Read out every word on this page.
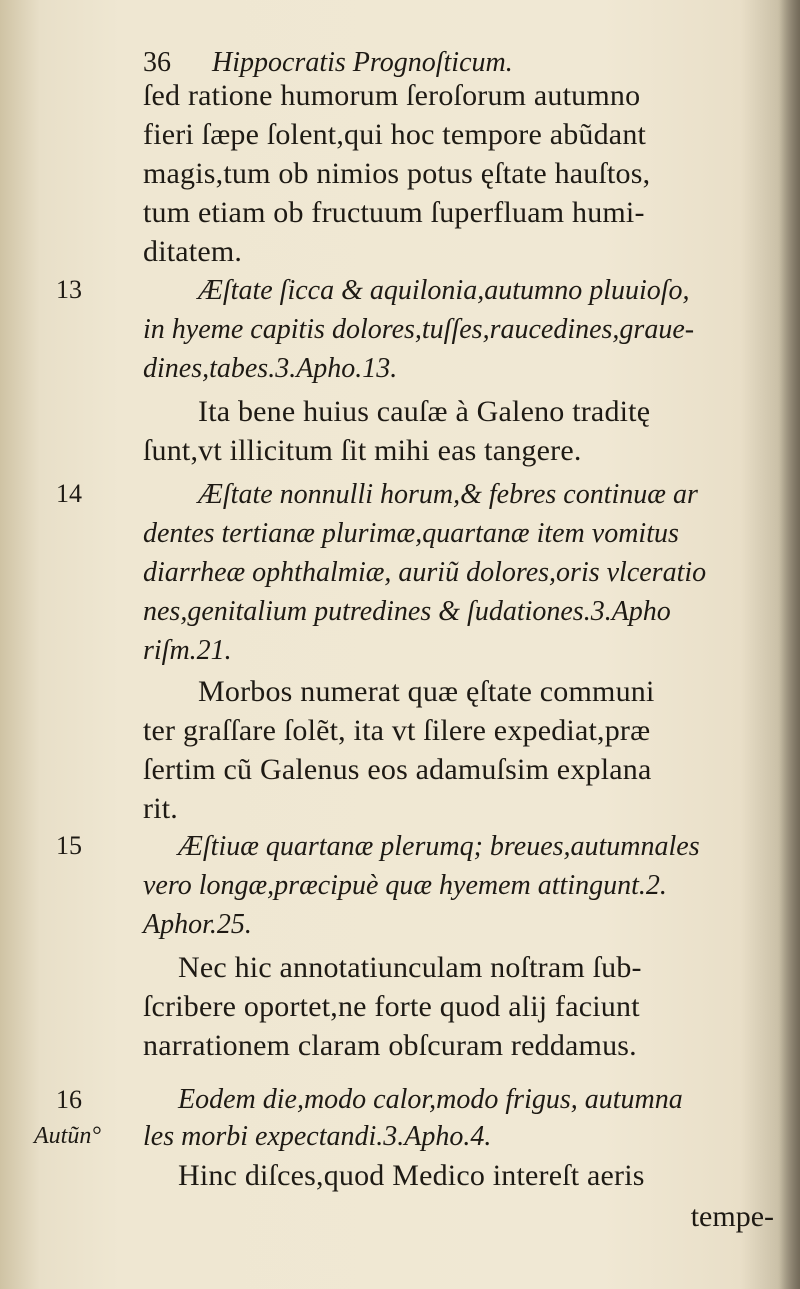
36 Hippocratis Prognoſticum.
ſed ratione humorum ſeroſorum autumno
fieri ſæpe ſolent,qui hoc tempore abũdant
magis,tum ob nimios potus ęſtate hauſtos,
tum etiam ob fructuum ſuperfluam humi-
ditatem.
13	Æſtate ſicca & aquilonia,autumno pluuioſo,
in hyeme capitis dolores,tuſſes,raucedines,graue-
dines,tabes.3.Apho.13.
Ita bene huius cauſæ à Galeno traditę
ſunt,vt illicitum ſit mihi eas tangere.
14	Æſtate nonnulli horum,& febres continuæ ar
dentes tertianæ plurimæ,quartanæ item vomitus
diarrheæ ophthalmiæ, auriũ dolores,oris vlceratio
nes,genitalium putredines & ſudationes.3.Apho
riſm.21.
Morbos numerat quæ ęſtate communi
ter graſſare ſolẽt, ita vt ſilere expediat,præ
ſertim cũ Galenus eos adamuſsim explana
rit.
15	Æſtiuæ quartanæ plerumq; breues,autumnales
vero longæ,præcipuè quæ hyemem attingunt.2.
Aphor.25.
Nec hic annotatiunculam noſtram ſub-
ſcribere oportet,ne forte quod alij faciunt
narrationem claram obſcuram reddamus.
16	Eodem die,modo calor,modo frigus, autumna
Autũn° les morbi expectandi.3.Apho.4.
Hinc diſces,quod Medico intereſt aeris
tempe-
